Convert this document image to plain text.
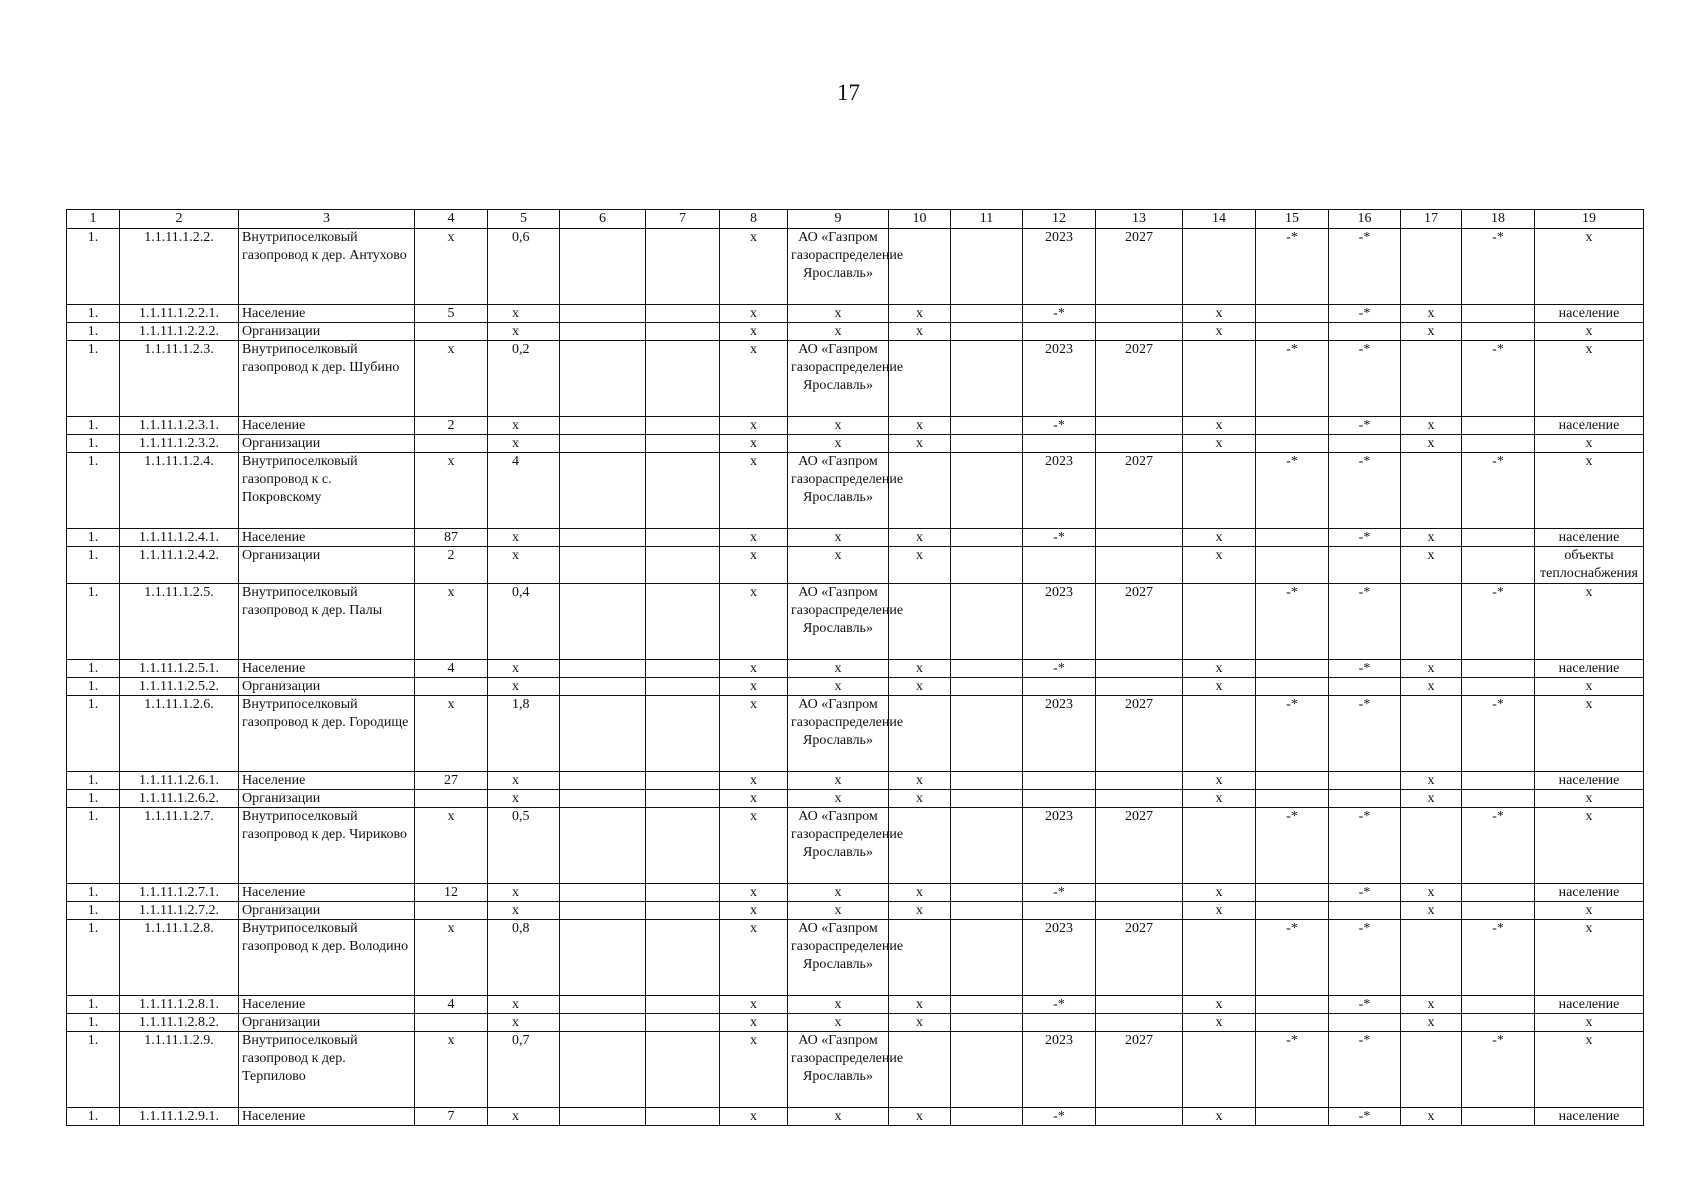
17
1	2	3	4	5	6	7	8	9	10	11	12	13	14	15	16	17	18	19
1.	1.1.11.1.2.2.	Внутрипоселковый газопровод к дер. Антухово	x	0,6			x	АО «Газпром газораспределение Ярославль»			2023	2027		-*	-*		-*	x
1.	1.1.11.1.2.2.1.	Население	5	x			x	x	x		-*		x		-*	x		население
1.	1.1.11.1.2.2.2.	Организации		x			x	x	x				x			x		x
1.	1.1.11.1.2.3.	Внутрипоселковый газопровод к дер. Шубино	x	0,2			x	АО «Газпром газораспределение Ярославль»			2023	2027		-*	-*		-*	x
1.	1.1.11.1.2.3.1.	Население	2	x			x	x	x		-*		x		-*	x		население
1.	1.1.11.1.2.3.2.	Организации		x			x	x	x				x			x		x
1.	1.1.11.1.2.4.	Внутрипоселковый газопровод к с. Покровскому	x	4			x	АО «Газпром газораспределение Ярославль»			2023	2027		-*	-*		-*	x
1.	1.1.11.1.2.4.1.	Население	87	x			x	x	x		-*		x		-*	x		население
1.	1.1.11.1.2.4.2.	Организации	2	x			x	x	x				x			x		объекты теплоснабжения
1.	1.1.11.1.2.5.	Внутрипоселковый газопровод к дер. Палы	x	0,4			x	АО «Газпром газораспределение Ярославль»			2023	2027		-*	-*		-*	x
1.	1.1.11.1.2.5.1.	Население	4	x			x	x	x		-*		x		-*	x		население
1.	1.1.11.1.2.5.2.	Организации		x			x	x	x				x			x		x
1.	1.1.11.1.2.6.	Внутрипоселковый газопровод к дер. Городище	x	1,8			x	АО «Газпром газораспределение Ярославль»			2023	2027		-*	-*		-*	x
1.	1.1.11.1.2.6.1.	Население	27	x			x	x	x				x			x		население
1.	1.1.11.1.2.6.2.	Организации		x			x	x	x				x			x		x
1.	1.1.11.1.2.7.	Внутрипоселковый газопровод к дер. Чириково	x	0,5			x	АО «Газпром газораспределение Ярославль»			2023	2027		-*	-*		-*	x
1.	1.1.11.1.2.7.1.	Население	12	x			x	x	x		-*		x		-*	x		население
1.	1.1.11.1.2.7.2.	Организации		x			x	x	x				x			x		x
1.	1.1.11.1.2.8.	Внутрипоселковый газопровод к дер. Володино	x	0,8			x	АО «Газпром газораспределение Ярославль»			2023	2027		-*	-*		-*	x
1.	1.1.11.1.2.8.1.	Население	4	x			x	x	x		-*		x		-*	x		население
1.	1.1.11.1.2.8.2.	Организации		x			x	x	x				x			x		x
1.	1.1.11.1.2.9.	Внутрипоселковый газопровод к дер. Терпилово	x	0,7			x	АО «Газпром газораспределение Ярославль»			2023	2027		-*	-*		-*	x
1.	1.1.11.1.2.9.1.	Население	7	x			x	x	x		-*		x		-*	x		население
